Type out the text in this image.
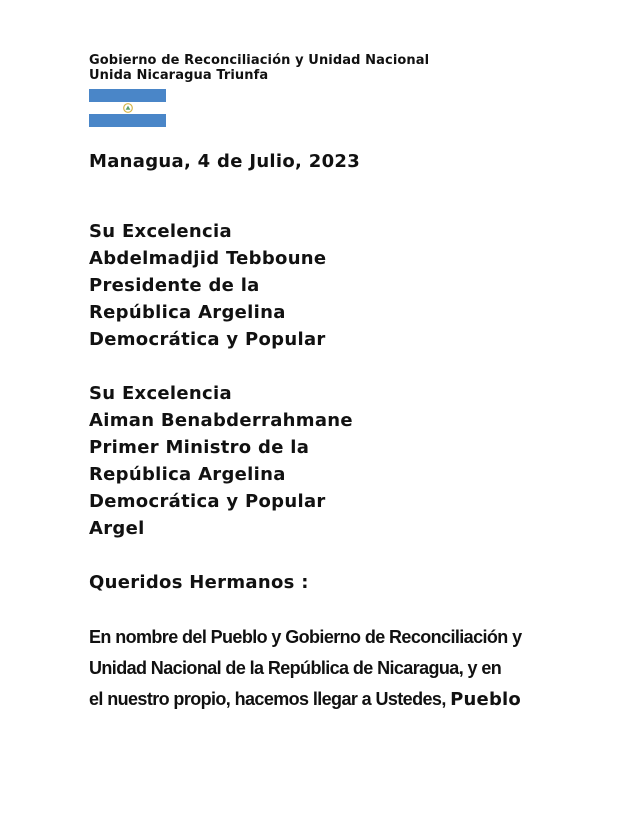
Gobierno de Reconciliación y Unidad Nacional
Unida Nicaragua Triunfa
Managua, 4 de Julio, 2023
Su Excelencia
Abdelmadjid Tebboune
Presidente de la
República Argelina
Democrática y Popular
Su Excelencia
Aiman Benabderrahmane
Primer Ministro de la
República Argelina
Democrática y Popular
Argel
Queridos Hermanos :
En nombre del Pueblo y Gobierno de Reconciliación y
Unidad Nacional de la República de Nicaragua, y en
el nuestro propio, hacemos llegar a Ustedes, Pueblo
